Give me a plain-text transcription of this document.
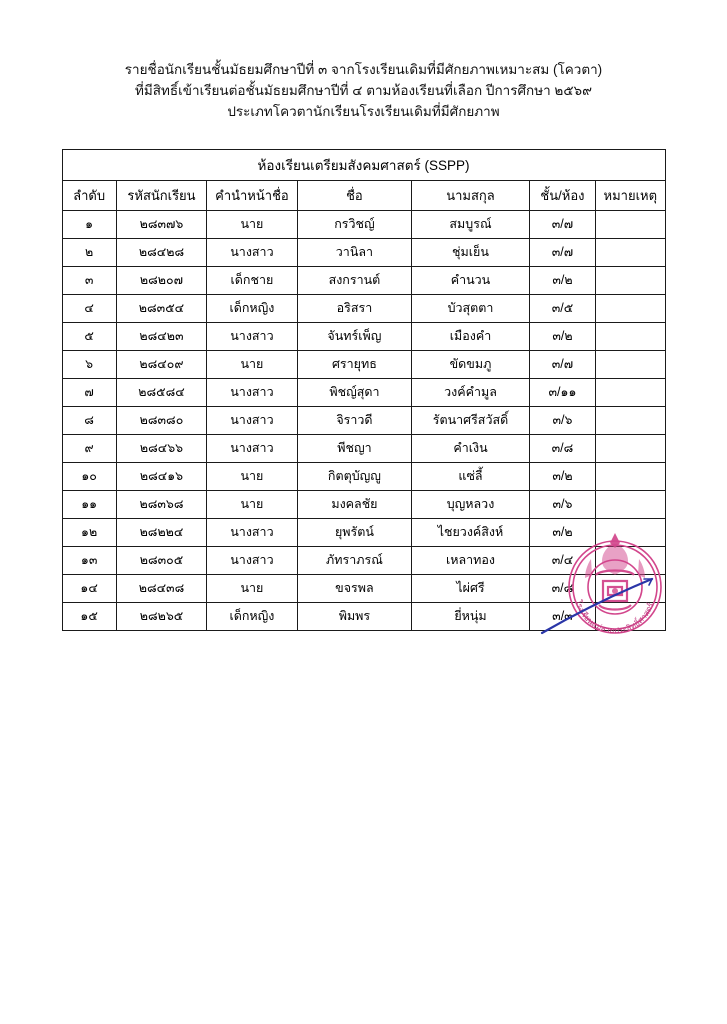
รายชื่อนักเรียนชั้นมัธยมศึกษาปีที่ ๓ จากโรงเรียนเดิมที่มีศักยภาพเหมาะสม (โควตา)
ที่มีสิทธิ์เข้าเรียนต่อชั้นมัธยมศึกษาปีที่ ๔ ตามห้องเรียนที่เลือก ปีการศึกษา ๒๕๖๙
ประเภทโควตานักเรียนโรงเรียนเดิมที่มีศักยภาพ
ห้องเรียนเตรียมสังคมศาสตร์ (SSPP)						
ลำดับ	รหัสนักเรียน	คำนำหน้าชื่อ	ชื่อ	นามสกุล	ชั้น/ห้อง	หมายเหตุ
๑	๒๘๓๗๖	นาย	กรวิชญ์	สมบูรณ์	๓/๗	
๒	๒๘๔๒๘	นางสาว	วานิลา	ชุ่มเย็น	๓/๗	
๓	๒๘๒๐๗	เด็กชาย	สงกรานต์	คำนวน	๓/๒	
๔	๒๘๓๕๔	เด็กหญิง	อริสรา	บัวสุตตา	๓/๕	
๕	๒๘๔๒๓	นางสาว	จันทร์เพ็ญ	เมืองคำ	๓/๒	
๖	๒๘๔๐๙	นาย	ศรายุทธ	ขัดขมภู	๓/๗	
๗	๒๘๕๘๔	นางสาว	พิชญ์สุดา	วงค์คำมูล	๓/๑๑	
๘	๒๘๓๘๐	นางสาว	จิราวดี	รัตนาศรีสวัสดิ์	๓/๖	
๙	๒๘๔๖๖	นางสาว	พีชญา	คำเงิน	๓/๘	
๑๐	๒๘๔๑๖	นาย	กิตตุบัญญู	แซ่ลี้	๓/๒	
๑๑	๒๘๓๖๘	นาย	มงคลชัย	บุญหลวง	๓/๖	
๑๒	๒๘๒๒๔	นางสาว	ยุพรัตน์	ไชยวงค์สิงห์	๓/๒	
๑๓	๒๘๓๐๕	นางสาว	ภัทราภรณ์	เหลาทอง	๓/๔	
๑๔	๒๘๔๓๘	นาย	ขจรพล	ไผ่ศรี	๓/๘	
๑๕	๒๘๒๖๕	เด็กหญิง	พิมพร	ยี่หนุ่ม	๓/๓	
โรงเรียนแม่สายประสิทธิ์ศาสตร์
